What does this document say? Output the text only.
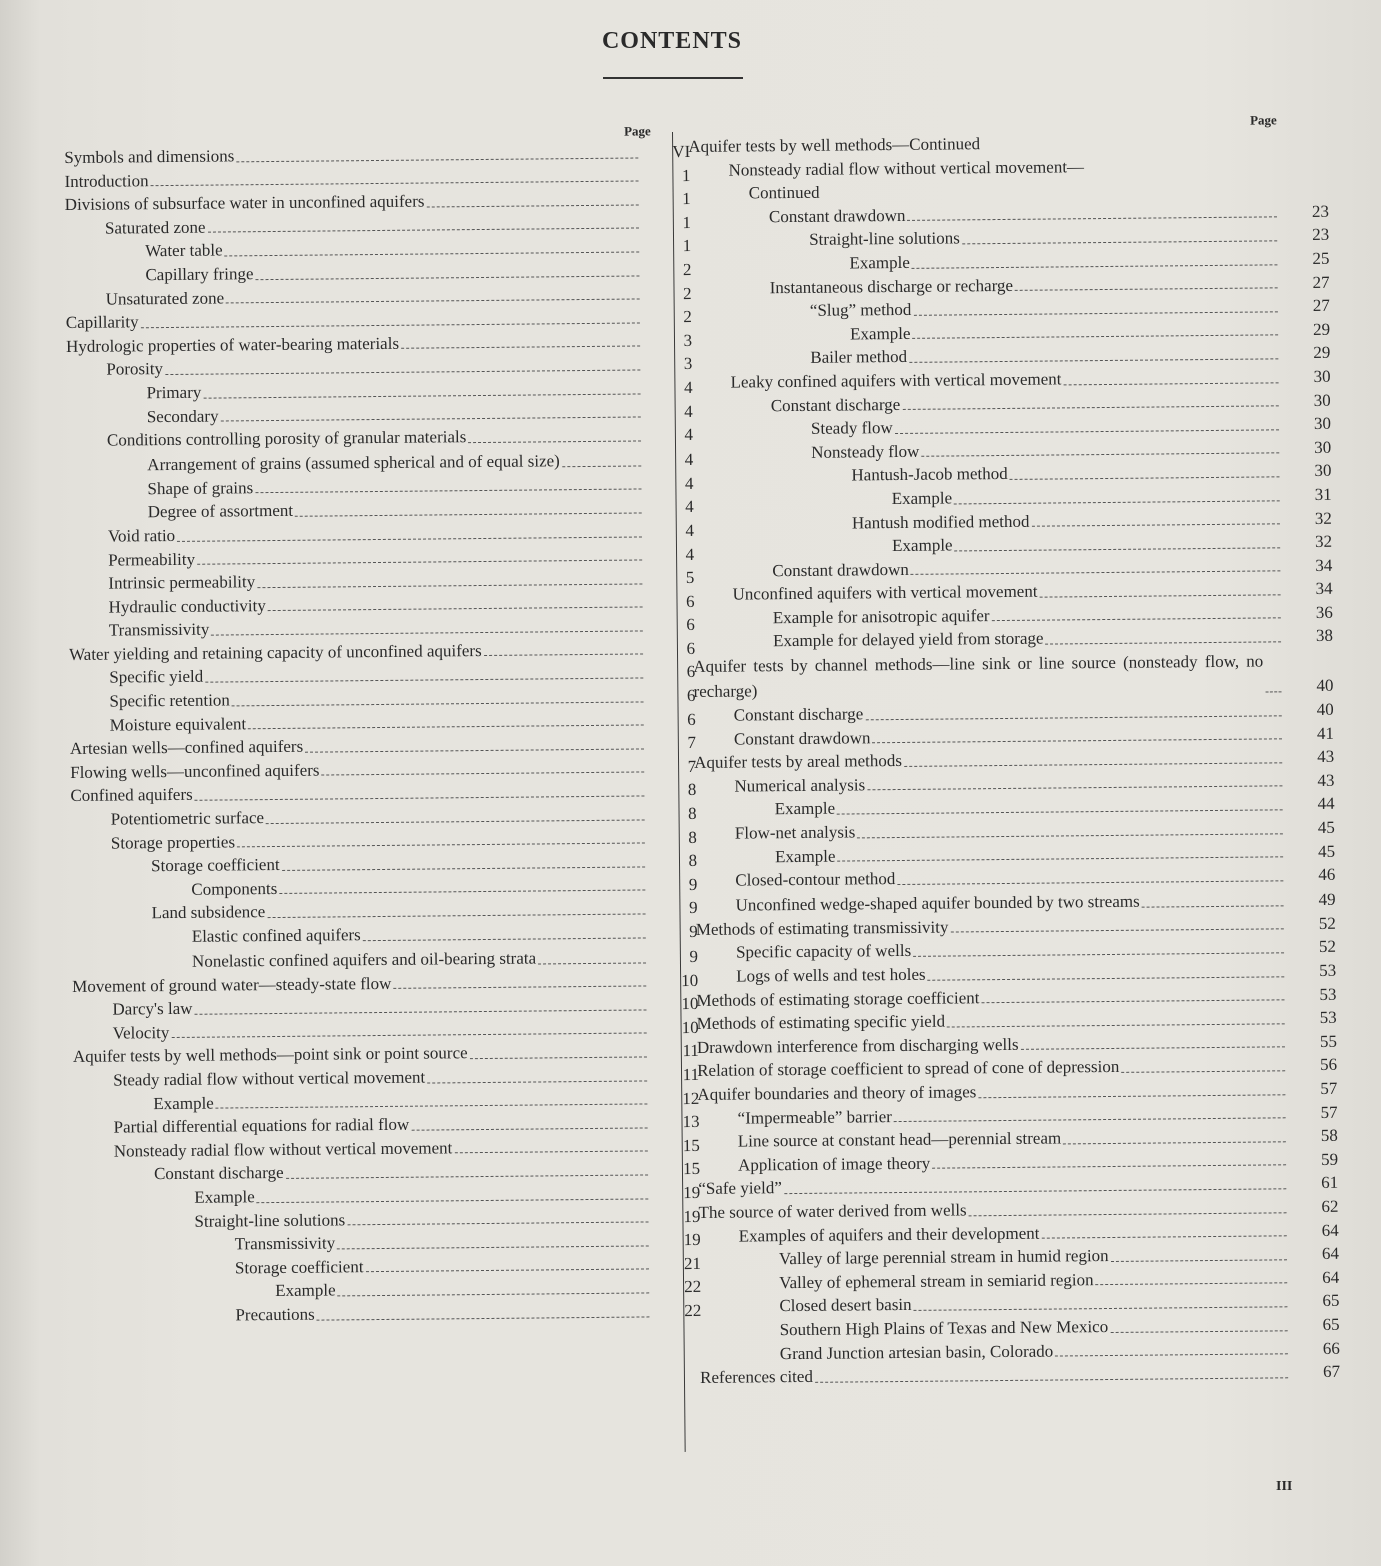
CONTENTS
Page
Symbols and dimensions	VI
Introduction	1
Divisions of subsurface water in unconfined aquifers	1
Saturated zone	1
Water table	1
Capillary fringe	2
Unsaturated zone	2
Capillarity	2
Hydrologic properties of water-bearing materials	3
Porosity	3
Primary	4
Secondary	4
Conditions controlling porosity of granular materials	4
Arrangement of grains (assumed spherical and of equal size)	4
Shape of grains	4
Degree of assortment	4
Void ratio	4
Permeability	4
Intrinsic permeability	5
Hydraulic conductivity	6
Transmissivity	6
Water yielding and retaining capacity of unconfined aquifers	6
Specific yield	6
Specific retention	6
Moisture equivalent	6
Artesian wells—confined aquifers	7
Flowing wells—unconfined aquifers	7
Confined aquifers	8
Potentiometric surface	8
Storage properties	8
Storage coefficient	8
Components	9
Land subsidence	9
Elastic confined aquifers	9
Nonelastic confined aquifers and oil-bearing strata	9
Movement of ground water—steady-state flow	10
Darcy's law	10
Velocity	10
Aquifer tests by well methods—point sink or point source	11
Steady radial flow without vertical movement	11
Example	12
Partial differential equations for radial flow	13
Nonsteady radial flow without vertical movement	15
Constant discharge	15
Example	19
Straight-line solutions	19
Transmissivity	19
Storage coefficient	21
Example	22
Precautions	22
Page
Aquifer tests by well methods—Continued
Nonsteady radial flow without vertical movement—
Continued
Constant drawdown	23
Straight-line solutions	23
Example	25
Instantaneous discharge or recharge	27
“Slug” method	27
Example	29
Bailer method	29
Leaky confined aquifers with vertical movement	30
Constant discharge	30
Steady flow	30
Nonsteady flow	30
Hantush-Jacob method	30
Example	31
Hantush modified method	32
Example	32
Constant drawdown	34
Unconfined aquifers with vertical movement	34
Example for anisotropic aquifer	36
Example for delayed yield from storage	38
Aquifer tests by channel methods—line sink or line source (nonsteady flow, no recharge)	40
Constant discharge	40
Constant drawdown	41
Aquifer tests by areal methods	43
Numerical analysis	43
Example	44
Flow-net analysis	45
Example	45
Closed-contour method	46
Unconfined wedge-shaped aquifer bounded by two streams	49
Methods of estimating transmissivity	52
Specific capacity of wells	52
Logs of wells and test holes	53
Methods of estimating storage coefficient	53
Methods of estimating specific yield	53
Drawdown interference from discharging wells	55
Relation of storage coefficient to spread of cone of depression	56
Aquifer boundaries and theory of images	57
“Impermeable” barrier	57
Line source at constant head—perennial stream	58
Application of image theory	59
“Safe yield”	61
The source of water derived from wells	62
Examples of aquifers and their development	64
Valley of large perennial stream in humid region	64
Valley of ephemeral stream in semiarid region	64
Closed desert basin	65
Southern High Plains of Texas and New Mexico	65
Grand Junction artesian basin, Colorado	66
References cited	67
III
